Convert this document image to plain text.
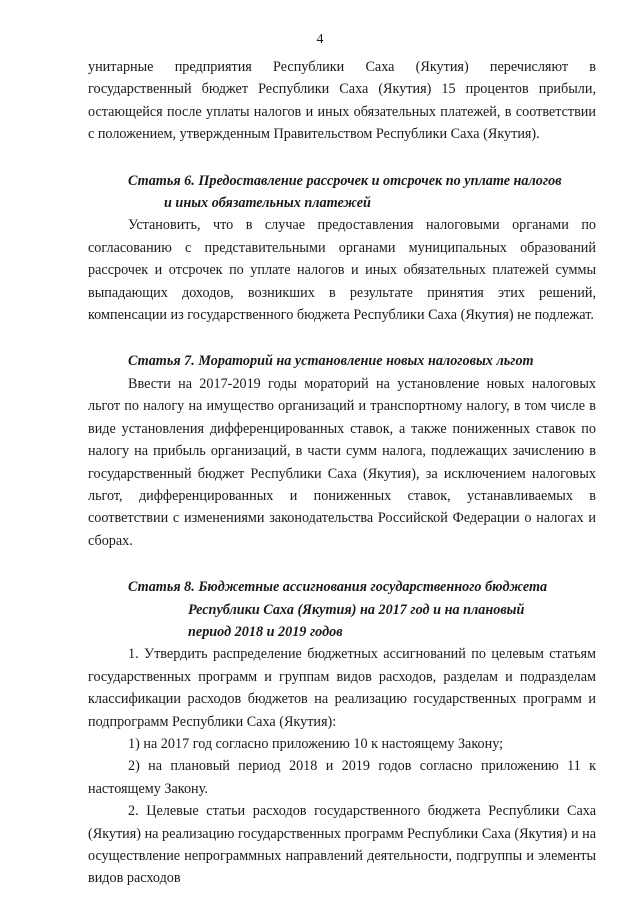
4

унитарные предприятия Республики Саха (Якутия) перечисляют в государственный бюджет Республики Саха (Якутия) 15 процентов прибыли, остающейся после уплаты налогов и иных обязательных платежей, в соответствии с положением, утвержденным Правительством Республики Саха (Якутия).

Статья 6. Предоставление рассрочек и отсрочек по уплате налогов
и иных обязательных платежей

Установить, что в случае предоставления налоговыми органами по согласованию с представительными органами муниципальных образований рассрочек и отсрочек по уплате налогов и иных обязательных платежей суммы выпадающих доходов, возникших в результате принятия этих решений, компенсации из государственного бюджета Республики Саха (Якутия) не подлежат.

Статья 7. Мораторий на установление новых налоговых льгот

Ввести на 2017-2019 годы мораторий на установление новых налоговых льгот по налогу на имущество организаций и транспортному налогу, в том числе в виде установления дифференцированных ставок, а также пониженных ставок по налогу на прибыль организаций, в части сумм налога, подлежащих зачислению в государственный бюджет Республики Саха (Якутия), за исключением налоговых льгот, дифференцированных и пониженных ставок, устанавливаемых в соответствии с изменениями законодательства Российской Федерации о налогах и сборах.

Статья 8. Бюджетные ассигнования государственного бюджета
Республики Саха (Якутия) на 2017 год и на плановый
период 2018 и 2019 годов

1. Утвердить распределение бюджетных ассигнований по целевым статьям государственных программ и группам видов расходов, разделам и подразделам классификации расходов бюджетов на реализацию государственных программ и подпрограмм Республики Саха (Якутия):

1) на 2017 год согласно приложению 10 к настоящему Закону;

2) на плановый период 2018 и 2019 годов согласно приложению 11 к настоящему Закону.

2. Целевые статьи расходов государственного бюджета Республики Саха (Якутия) на реализацию государственных программ Республики Саха (Якутия) и на осуществление непрограммных направлений деятельности, подгруппы и элементы видов расходов
